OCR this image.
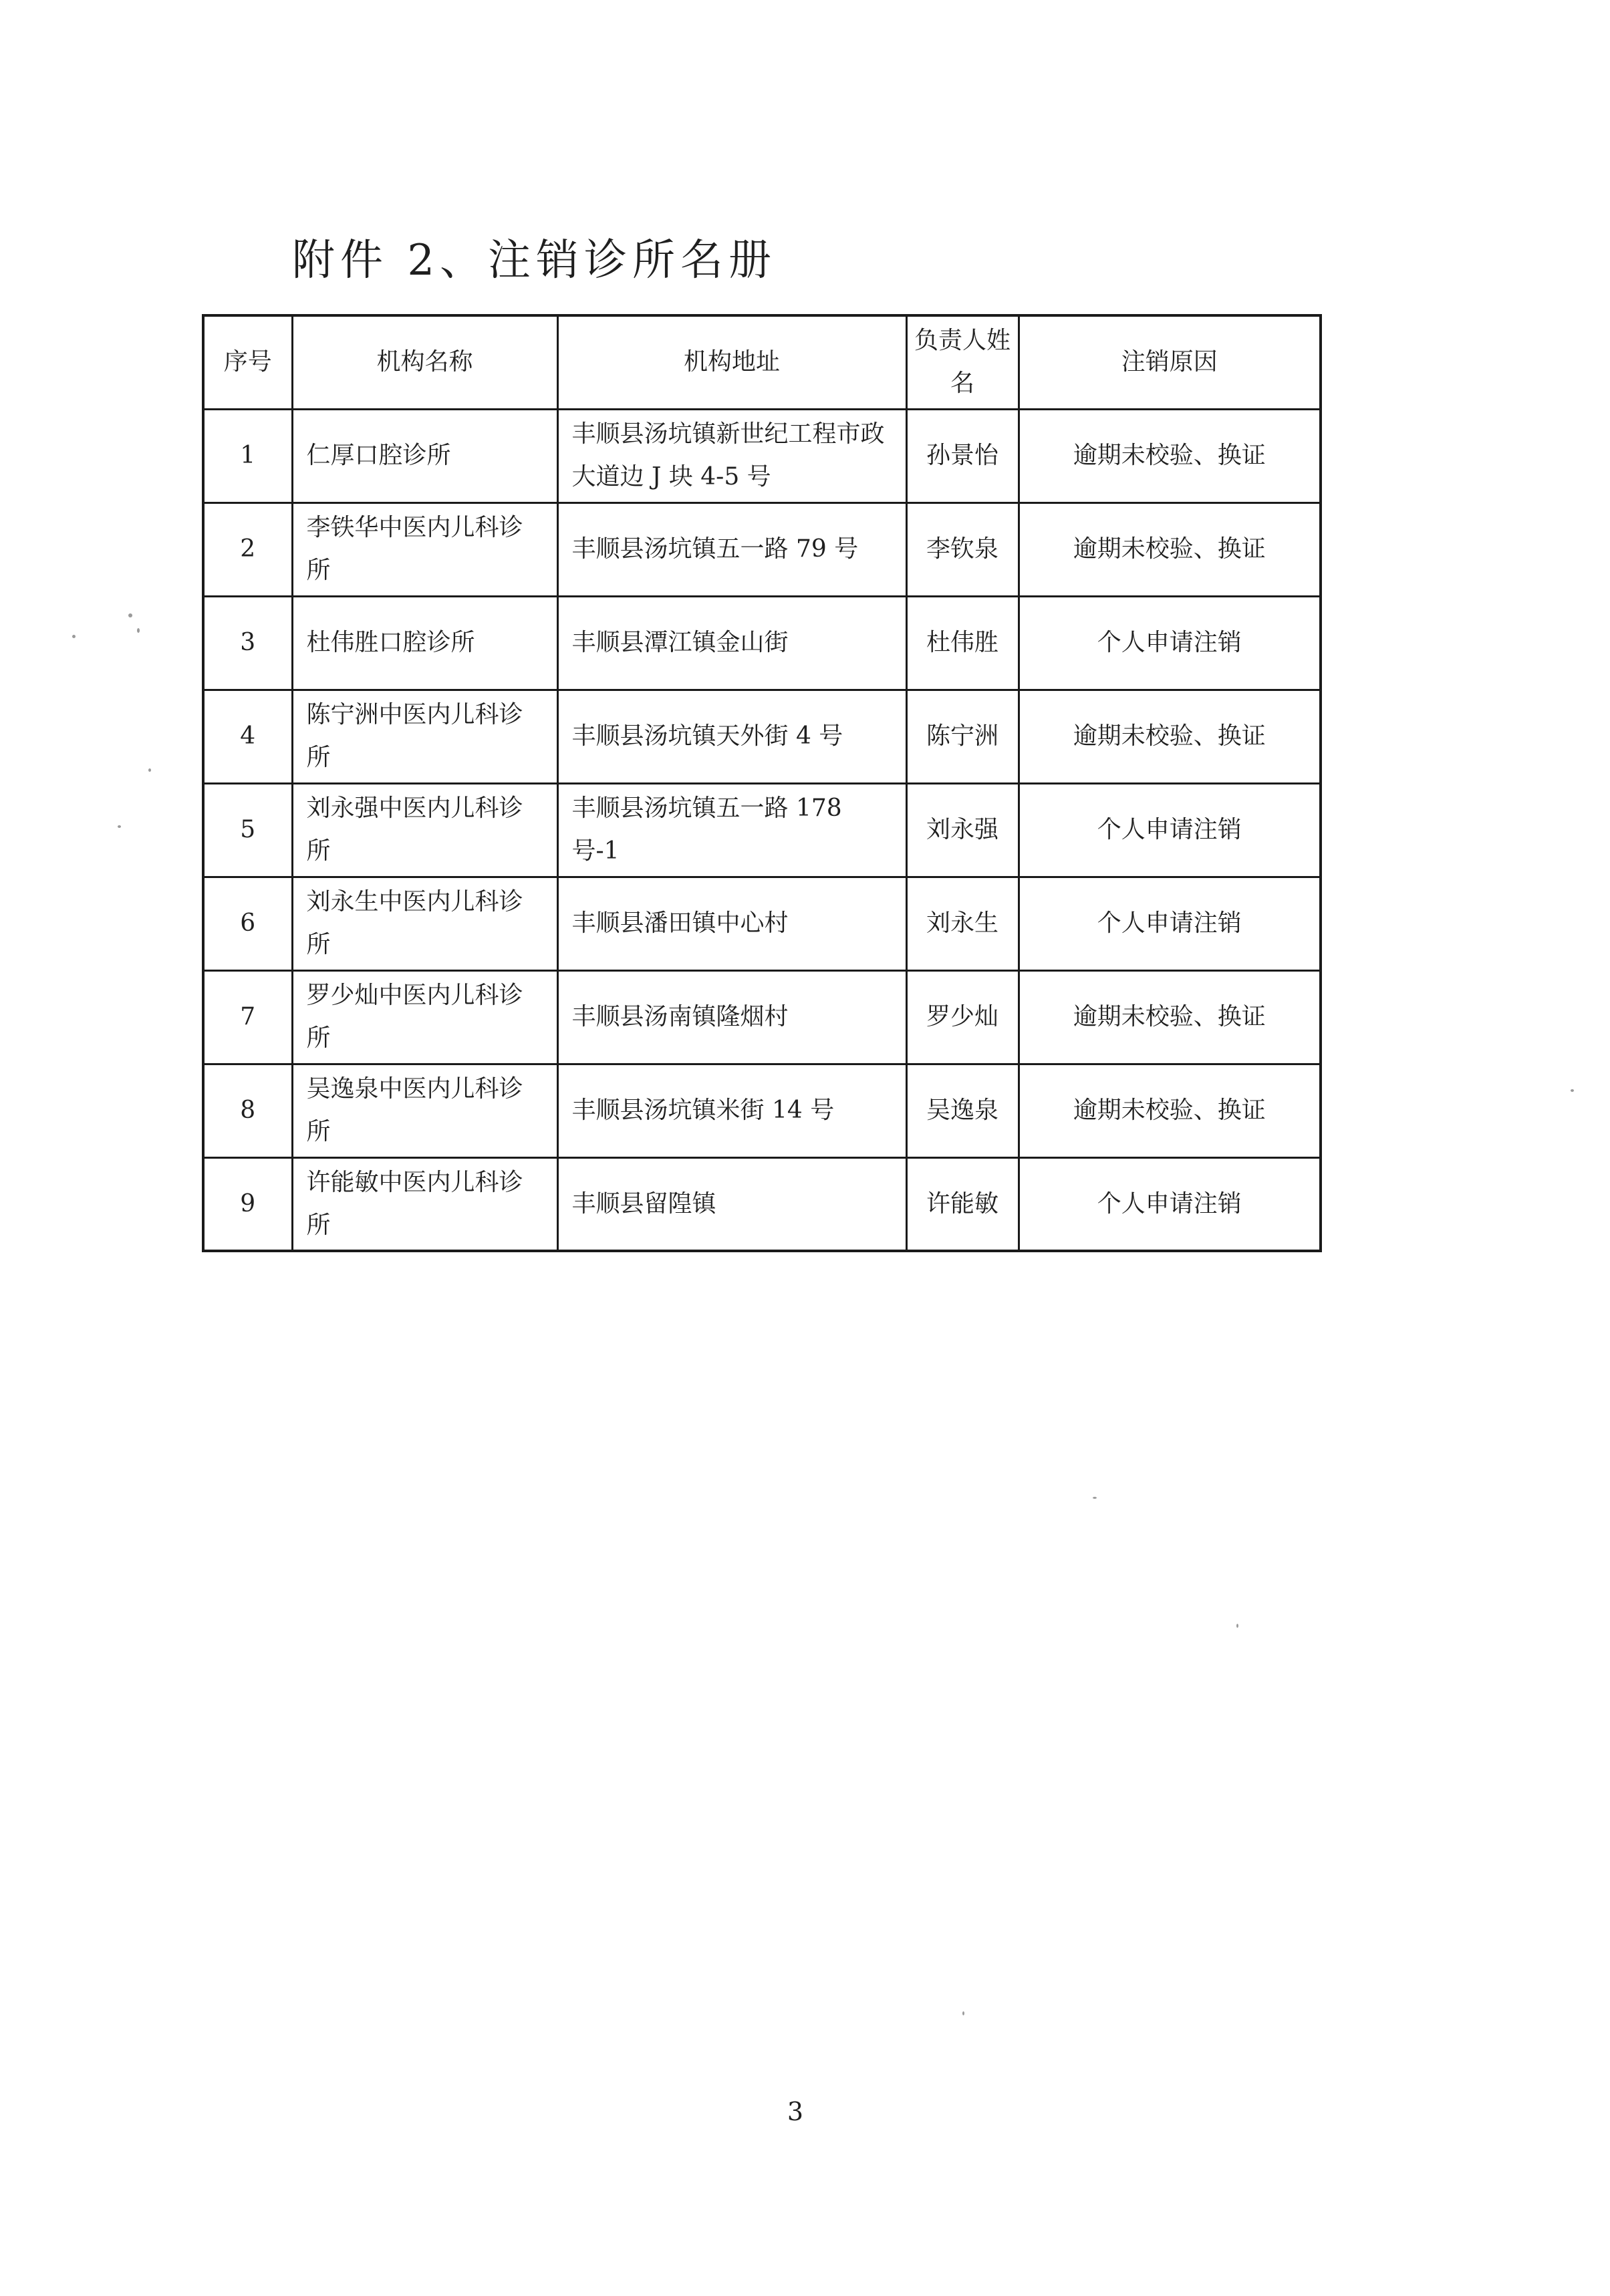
附件 2、注销诊所名册
序号	机构名称	机构地址	负责人姓名	注销原因
1	仁厚口腔诊所	丰顺县汤坑镇新世纪工程市政大道边 J 块 4-5 号	孙景怡	逾期未校验、换证
2	李铁华中医内儿科诊所	丰顺县汤坑镇五一路 79 号	李钦泉	逾期未校验、换证
3	杜伟胜口腔诊所	丰顺县潭江镇金山街	杜伟胜	个人申请注销
4	陈宁洲中医内儿科诊所	丰顺县汤坑镇天外街 4 号	陈宁洲	逾期未校验、换证
5	刘永强中医内儿科诊所	丰顺县汤坑镇五一路 178 号-1	刘永强	个人申请注销
6	刘永生中医内儿科诊所	丰顺县潘田镇中心村	刘永生	个人申请注销
7	罗少灿中医内儿科诊所	丰顺县汤南镇隆烟村	罗少灿	逾期未校验、换证
8	吴逸泉中医内儿科诊所	丰顺县汤坑镇米街 14 号	吴逸泉	逾期未校验、换证
9	许能敏中医内儿科诊所	丰顺县留隍镇	许能敏	个人申请注销
3
